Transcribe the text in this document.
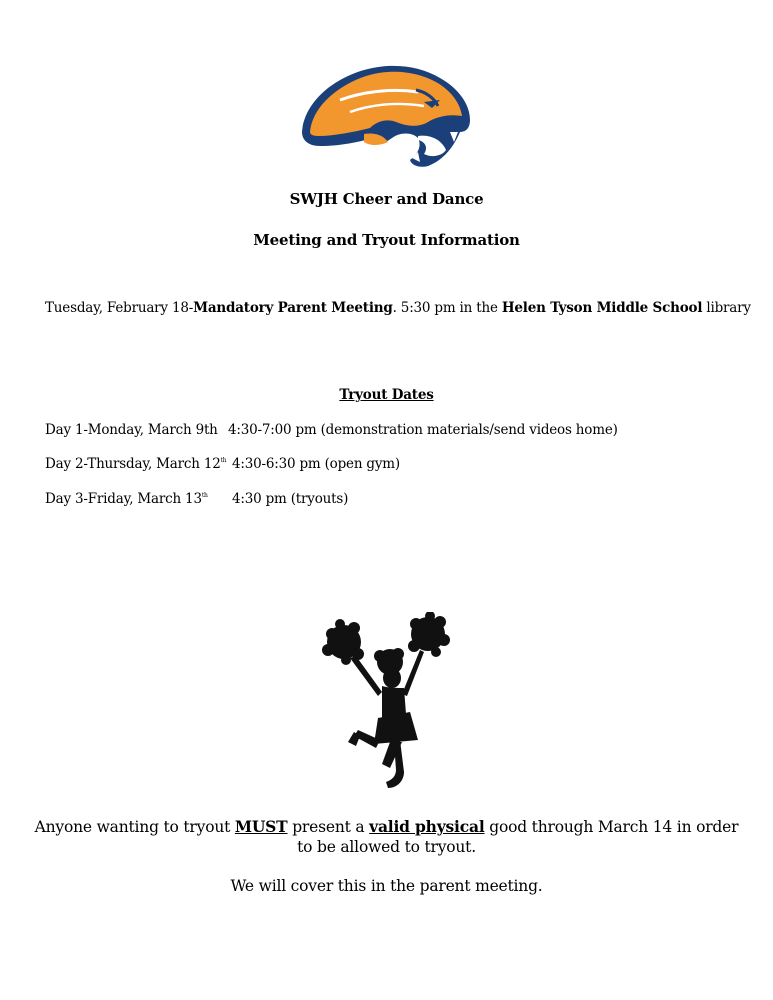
SWJH Cheer and Dance
Meeting and Tryout Information
Tuesday, February 18-Mandatory Parent Meeting. 5:30 pm in the Helen Tyson Middle School library
Tryout Dates
Day 1-Monday, March 9th 4:30-7:00 pm (demonstration materials/send videos home)
Day 2-Thursday, March 12th 4:30-6:30 pm (open gym)
Day 3-Friday, March 13th 4:30 pm (tryouts)
Anyone wanting to tryout MUST present a valid physical good through March 14 in order to be allowed to tryout.
We will cover this in the parent meeting.
